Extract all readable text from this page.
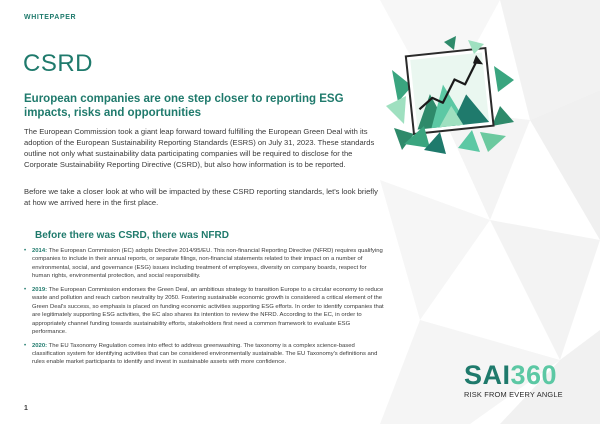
WHITEPAPER
CSRD
European companies are one step closer to reporting ESG impacts, risks and opportunities

The European Commission took a giant leap forward toward fulfilling the European Green Deal with its adoption of the European Sustainability Reporting Standards (ESRS) on July 31, 2023. These standards outline not only what sustainability data participating companies will be required to disclose for the Corporate Sustainability Reporting Directive (CSRD), but also how information is to be reported.

Before we take a closer look at who will be impacted by these CSRD reporting standards, let's look briefly at how we arrived here in the first place.

Before there was CSRD, there was NFRD
• 2014: The European Commission (EC) adopts Directive 2014/95/EU. This non-financial Reporting Directive (NFRD) requires qualifying companies to include in their annual reports, or separate filings, non-financial statements related to their impact on a number of environmental, social, and governance (ESG) issues including treatment of employees, diversity on company boards, respect for human rights, environmental protection, and social responsibility.
• 2019: The European Commission endorses the Green Deal, an ambitious strategy to transition Europe to a circular economy to reduce waste and pollution and reach carbon neutrality by 2050. Fostering sustainable economic growth is considered a critical element of the Green Deal's success, so emphasis is placed on funding economic activities supporting ESG efforts. In order to identify companies that are legitimately supporting ESG activities, the EC also shares its intention to review the NFRD. According to the EC, in order to appropriately channel funding towards sustainability efforts, stakeholders first need a common framework to evaluate ESG performance.
• 2020: The EU Taxonomy Regulation comes into effect to address greenwashing. The taxonomy is a complex science-based classification system for identifying activities that can be considered environmentally sustainable. The EU Taxonomy's definitions and rules enable market participants to identify and invest in sustainable assets with more confidence.
1
SAI360
RISK FROM EVERY ANGLE
